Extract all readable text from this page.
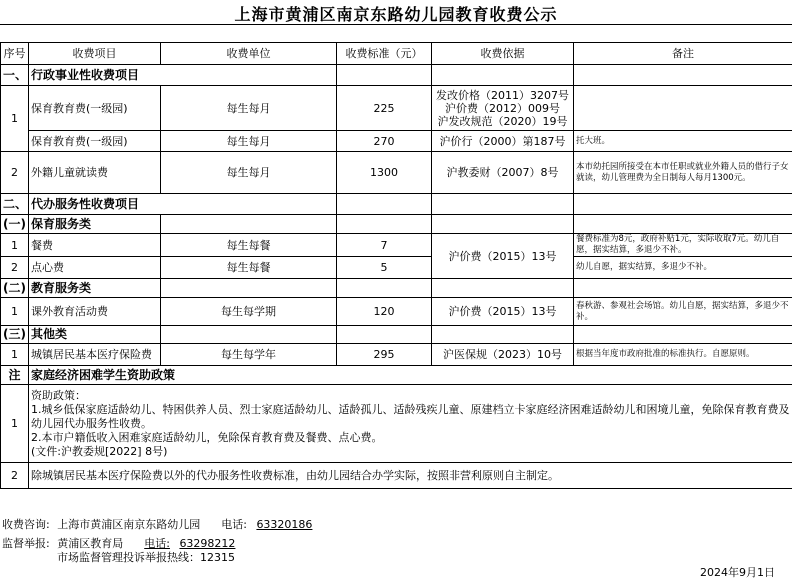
上海市黄浦区南京东路幼儿园教育收费公示
序号	收费项目	收费单位	收费标准（元）	收费依据	备注
一、	行政事业性收费项目				
1	保育教育费(一级园)	每生每月	225	发改价格（2011）3207号
沪价费（2012）009号
沪发改规范（2020）19号	

	保育教育费(一级园)	每生每月	270	沪价行（2000）第187号	托大班。
2	外籍儿童就读费	每生每月	1300	沪教委财（2007）8号	本市幼托园所接受在本市任职或就业外籍人员的借行子女就读，幼儿管理费为全日制每人每月1300元。
二、	代办服务性收费项目				
(一)	保育服务类				
1	餐费	每生每餐	7	沪价费（2015）13号	餐费标准为8元，政府补贴1元，实际收取7元。幼儿自愿，据实结算，多退少不补。
2	点心费	每生每餐	5		幼儿自愿，据实结算，多退少不补。
(二)	教育服务类				
1	课外教育活动费	每生每学期	120	沪价费（2015）13号	春秋游、参观社会场馆。幼儿自愿，据实结算，多退少不补。
(三)	其他类				
1	城镇居民基本医疗保险费	每生每学年	295	沪医保规（2023）10号	根据当年度市政府批准的标准执行。自愿原则。
注	家庭经济困难学生资助政策				
1	资助政策：
1.城乡低保家庭适龄幼儿、特困供养人员、烈士家庭适龄幼儿、适龄孤儿、适龄残疾儿童、原建档立卡家庭经济困难适龄幼儿和困境儿童，免除保育教育费及幼儿园代办服务性收费。
2.本市户籍低收入困难家庭适龄幼儿，免除保育教育费及餐费、点心费。
(文件:沪教委规[2022] 8号)				

2	除城镇居民基本医疗保险费以外的代办服务性收费标准，由幼儿园结合办学实际，按照非营利原则自主制定。				
收费咨询: 上海市黄浦区南京东路幼儿园 电话: 63320186
监督举报: 黄浦区教育局 电话: 63298212
市场监督管理投诉举报热线：12315
2024年9月1日
